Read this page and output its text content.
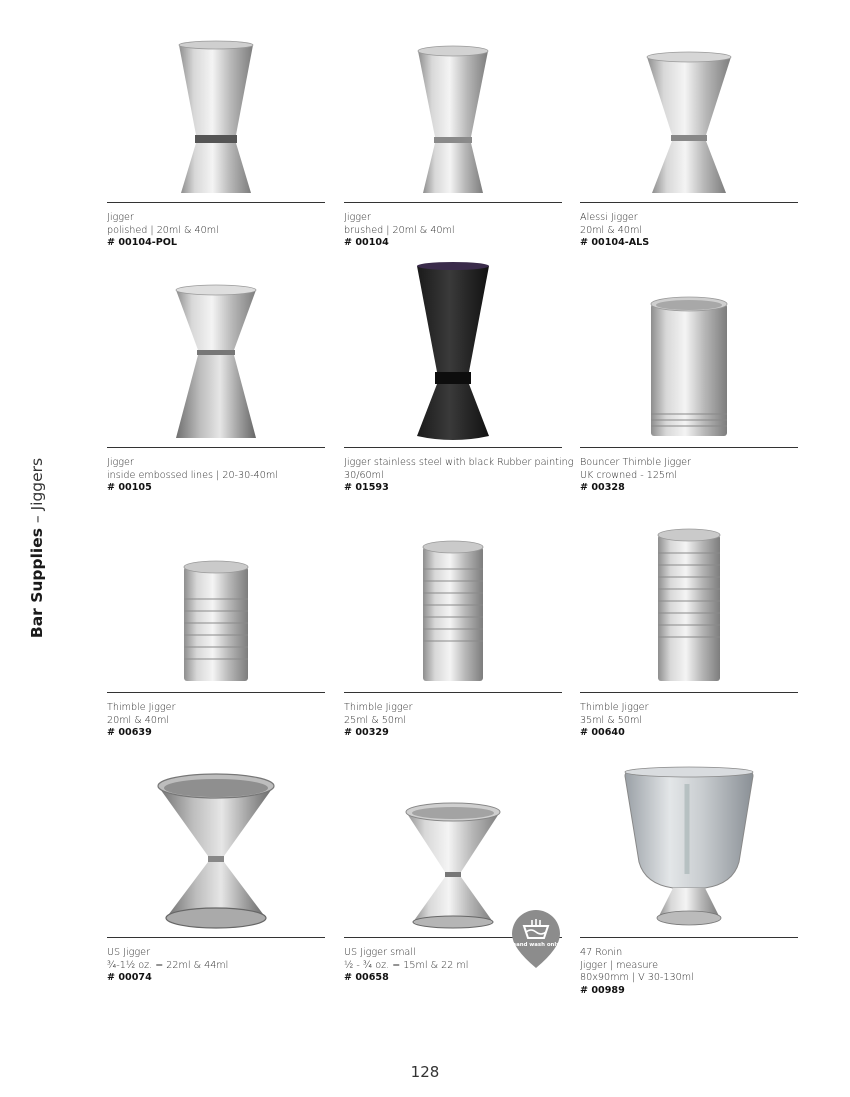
Bar Supplies – Jiggers
Jigger
polished | 20ml & 40ml
# 00104-POL
Jigger
brushed | 20ml & 40ml
# 00104
Alessi Jigger
20ml & 40ml
# 00104-ALS
Jigger
inside embossed lines | 20-30-40ml
# 00105
Jigger stainless steel with black Rubber painting
30/60ml
# 01593
Bouncer Thimble Jigger
UK crowned - 125ml
# 00328
Thimble Jigger
20ml & 40ml
# 00639
Thimble Jigger
25ml & 50ml
# 00329
Thimble Jigger
35ml & 50ml
# 00640
US Jigger
¾-1½ oz. = 22ml & 44ml
# 00074
US Jigger small
½ - ¾ oz. = 15ml & 22 ml
# 00658
47 Ronin
Jigger | measure
80x90mm | V 30-130ml
# 00989
hand wash only
128
